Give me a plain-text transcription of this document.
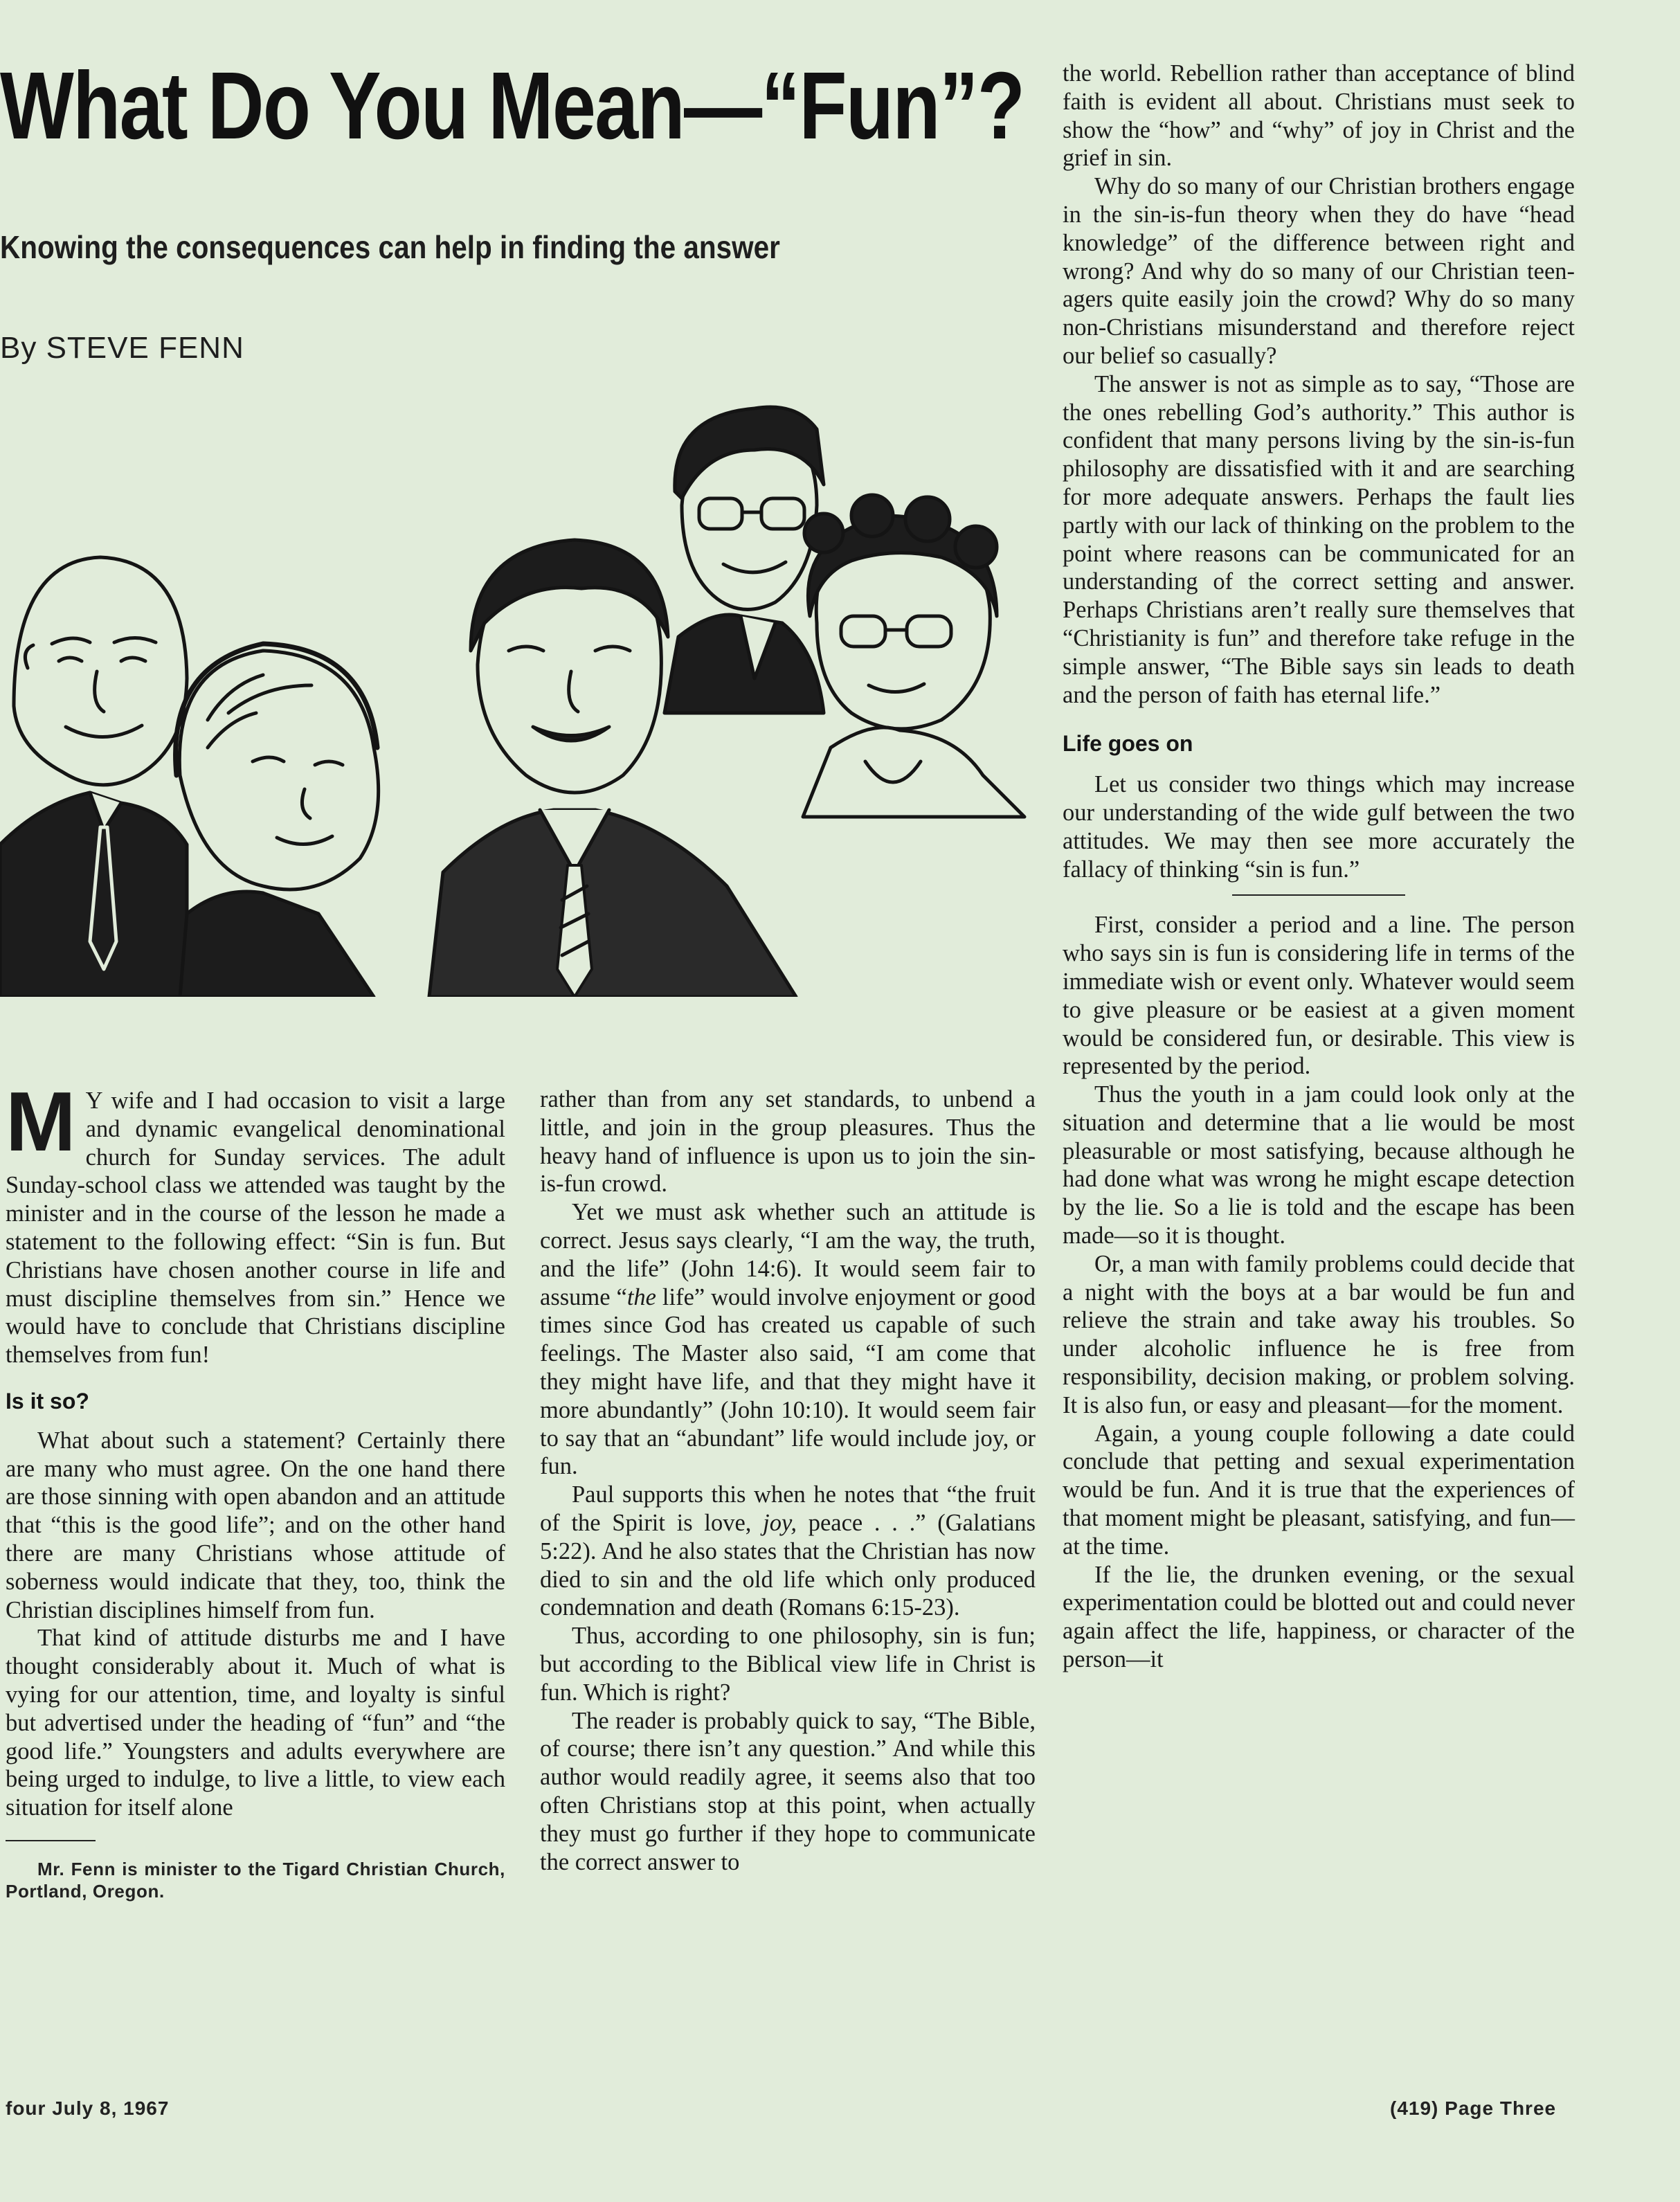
What Do You Mean—“Fun”?
Knowing the consequences can help in finding the answer
By STEVE FENN

M Y wife and I had occasion to visit a large and dynamic evangelical denominational church for Sunday services. The adult Sunday-school class we attended was taught by the minister and in the course of the lesson he made a statement to the following effect: “Sin is fun. But Christians have chosen another course in life and must discipline themselves from sin.” Hence we would have to conclude that Christians discipline themselves from fun!

Is it so?

What about such a statement? Certainly there are many who must agree. On the one hand there are those sinning with open abandon and an attitude that “this is the good life”; and on the other hand there are many Christians whose attitude of soberness would indicate that they, too, think the Christian disciplines himself from fun.

That kind of attitude disturbs me and I have thought considerably about it. Much of what is vying for our attention, time, and loyalty is sinful but advertised under the heading of “fun” and “the good life.” Youngsters and adults everywhere are being urged to indulge, to live a little, to view each situation for itself alone

Mr. Fenn is minister to the Tigard Christian Church, Portland, Oregon.

rather than from any set standards, to unbend a little, and join in the group pleasures. Thus the heavy hand of influence is upon us to join the sin-is-fun crowd.

Yet we must ask whether such an attitude is correct. Jesus says clearly, “I am the way, the truth, and the life” (John 14:6). It would seem fair to assume “the life” would involve enjoyment or good times since God has created us capable of such feelings. The Master also said, “I am come that they might have life, and that they might have it more abundantly” (John 10:10). It would seem fair to say that an “abundant” life would include joy, or fun.

Paul supports this when he notes that “the fruit of the Spirit is love, joy, peace . . .” (Galatians 5:22). And he also states that the Christian has now died to sin and the old life which only produced condemnation and death (Romans 6:15-23).

Thus, according to one philosophy, sin is fun; but according to the Biblical view life in Christ is fun. Which is right?

The reader is probably quick to say, “The Bible, of course; there isn’t any question.” And while this author would readily agree, it seems also that too often Christians stop at this point, when actually they must go further if they hope to communicate the correct answer to

the world. Rebellion rather than acceptance of blind faith is evident all about. Christians must seek to show the “how” and “why” of joy in Christ and the grief in sin.

Why do so many of our Christian brothers engage in the sin-is-fun theory when they do have “head knowledge” of the difference between right and wrong? And why do so many of our Christian teen-agers quite easily join the crowd? Why do so many non-Christians misunderstand and therefore reject our belief so casually?

The answer is not as simple as to say, “Those are the ones rebelling God’s authority.” This author is confident that many persons living by the sin-is-fun philosophy are dissatisfied with it and are searching for more adequate answers. Perhaps the fault lies partly with our lack of thinking on the problem to the point where reasons can be communicated for an understanding of the correct setting and answer. Perhaps Christians aren’t really sure themselves that “Christianity is fun” and therefore take refuge in the simple answer, “The Bible says sin leads to death and the person of faith has eternal life.”

Life goes on

Let us consider two things which may increase our understanding of the wide gulf between the two attitudes. We may then see more accurately the fallacy of thinking “sin is fun.”

First, consider a period and a line. The person who says sin is fun is considering life in terms of the immediate wish or event only. Whatever would seem to give pleasure or be easiest at a given moment would be considered fun, or desirable. This view is represented by the period.

Thus the youth in a jam could look only at the situation and determine that a lie would be most pleasurable or most satisfying, because although he had done what was wrong he might escape detection by the lie. So a lie is told and the escape has been made—so it is thought.

Or, a man with family problems could decide that a night with the boys at a bar would be fun and relieve the strain and take away his troubles. So under alcoholic influence he is free from responsibility, decision making, or problem solving. It is also fun, or easy and pleasant—for the moment.

Again, a young couple following a date could conclude that petting and sexual experimentation would be fun. And it is true that the experiences of that moment might be pleasant, satisfying, and fun—at the time.

If the lie, the drunken evening, or the sexual experimentation could be blotted out and could never again affect the life, happiness, or character of the person—it

four July 8, 1967	(419) Page Three
